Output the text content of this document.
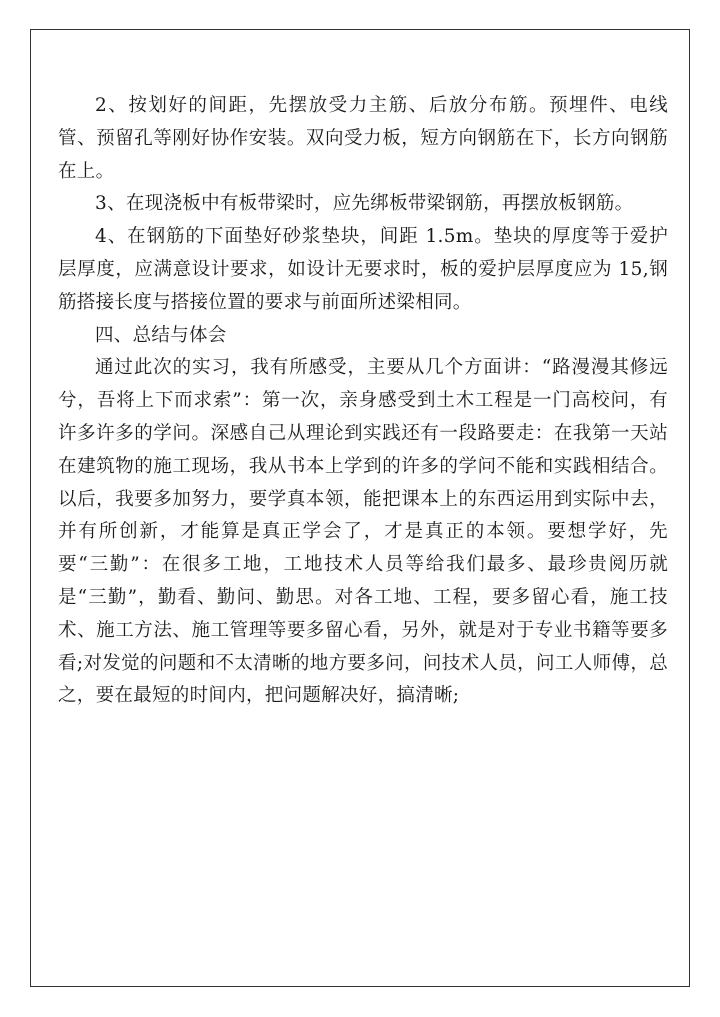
2、按划好的间距，先摆放受力主筋、后放分布筋。预埋件、电线管、预留孔等刚好协作安装。双向受力板，短方向钢筋在下，长方向钢筋在上。

3、在现浇板中有板带梁时，应先绑板带梁钢筋，再摆放板钢筋。

4、在钢筋的下面垫好砂浆垫块，间距 1.5m。垫块的厚度等于爱护层厚度，应满意设计要求，如设计无要求时，板的爱护层厚度应为 15,钢筋搭接长度与搭接位置的要求与前面所述梁相同。

四、总结与体会

通过此次的实习，我有所感受，主要从几个方面讲：“路漫漫其修远兮，吾将上下而求索”：第一次，亲身感受到土木工程是一门高校问，有许多许多的学问。深感自己从理论到实践还有一段路要走：在我第一天站在建筑物的施工现场，我从书本上学到的许多的学问不能和实践相结合。以后，我要多加努力，要学真本领，能把课本上的东西运用到实际中去，并有所创新，才能算是真正学会了，才是真正的本领。要想学好，先要“三勤”：在很多工地，工地技术人员等给我们最多、最珍贵阅历就是“三勤”，勤看、勤问、勤思。对各工地、工程，要多留心看，施工技术、施工方法、施工管理等要多留心看，另外，就是对于专业书籍等要多看;对发觉的问题和不太清晰的地方要多问，问技术人员，问工人师傅，总之，要在最短的时间内，把问题解决好，搞清晰;
